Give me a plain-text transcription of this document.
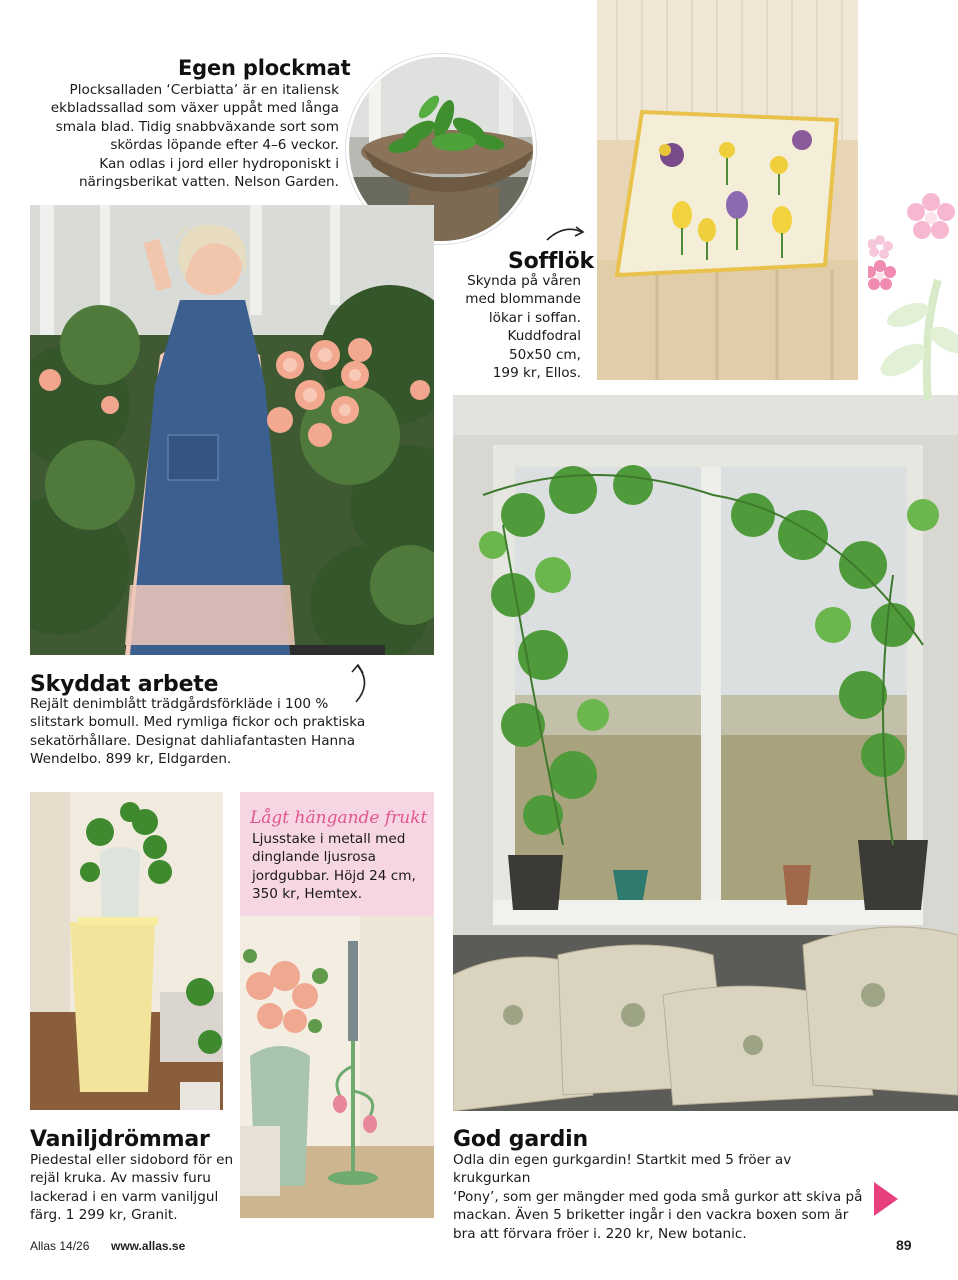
Egen plockmat

Plocksalladen ‘Cerbiatta’ är en italiensk
ekbladssallad som växer uppåt med långa
smala blad. Tidig snabbväxande sort som
skördas löpande efter 4–6 veckor.
Kan odlas i jord eller hydroponiskt i
näringsberikat vatten. Nelson Garden.

Sofflök

Skynda på våren
med blommande
lökar i soffan.
Kuddfodral
50x50 cm,
199 kr, Ellos.

Skyddat arbete

Rejält denimblått trädgårdsförkläde i 100 %
slitstark bomull. Med rymliga fickor och praktiska
sekatörhållare. Designat dahliafantasten Hanna
Wendelbo. 899 kr, Eldgarden.

Lågt hängande frukt

Ljusstake i metall med
dinglande ljusrosa
jordgubbar. Höjd 24 cm,
350 kr, Hemtex.

Vaniljdrömmar

Piedestal eller sidobord för en
rejäl kruka. Av massiv furu
lackerad i en varm vaniljgul
färg. 1 299 kr, Granit.

God gardin

Odla din egen gurkgardin! Startkit med 5 fröer av krukgurkan
‘Pony’, som ger mängder med goda små gurkor att skiva på
mackan. Även 5 briketter ingår i den vackra boxen som är
bra att förvara fröer i. 220 kr, New botanic.

Allas 14/26 www.allas.se	89
